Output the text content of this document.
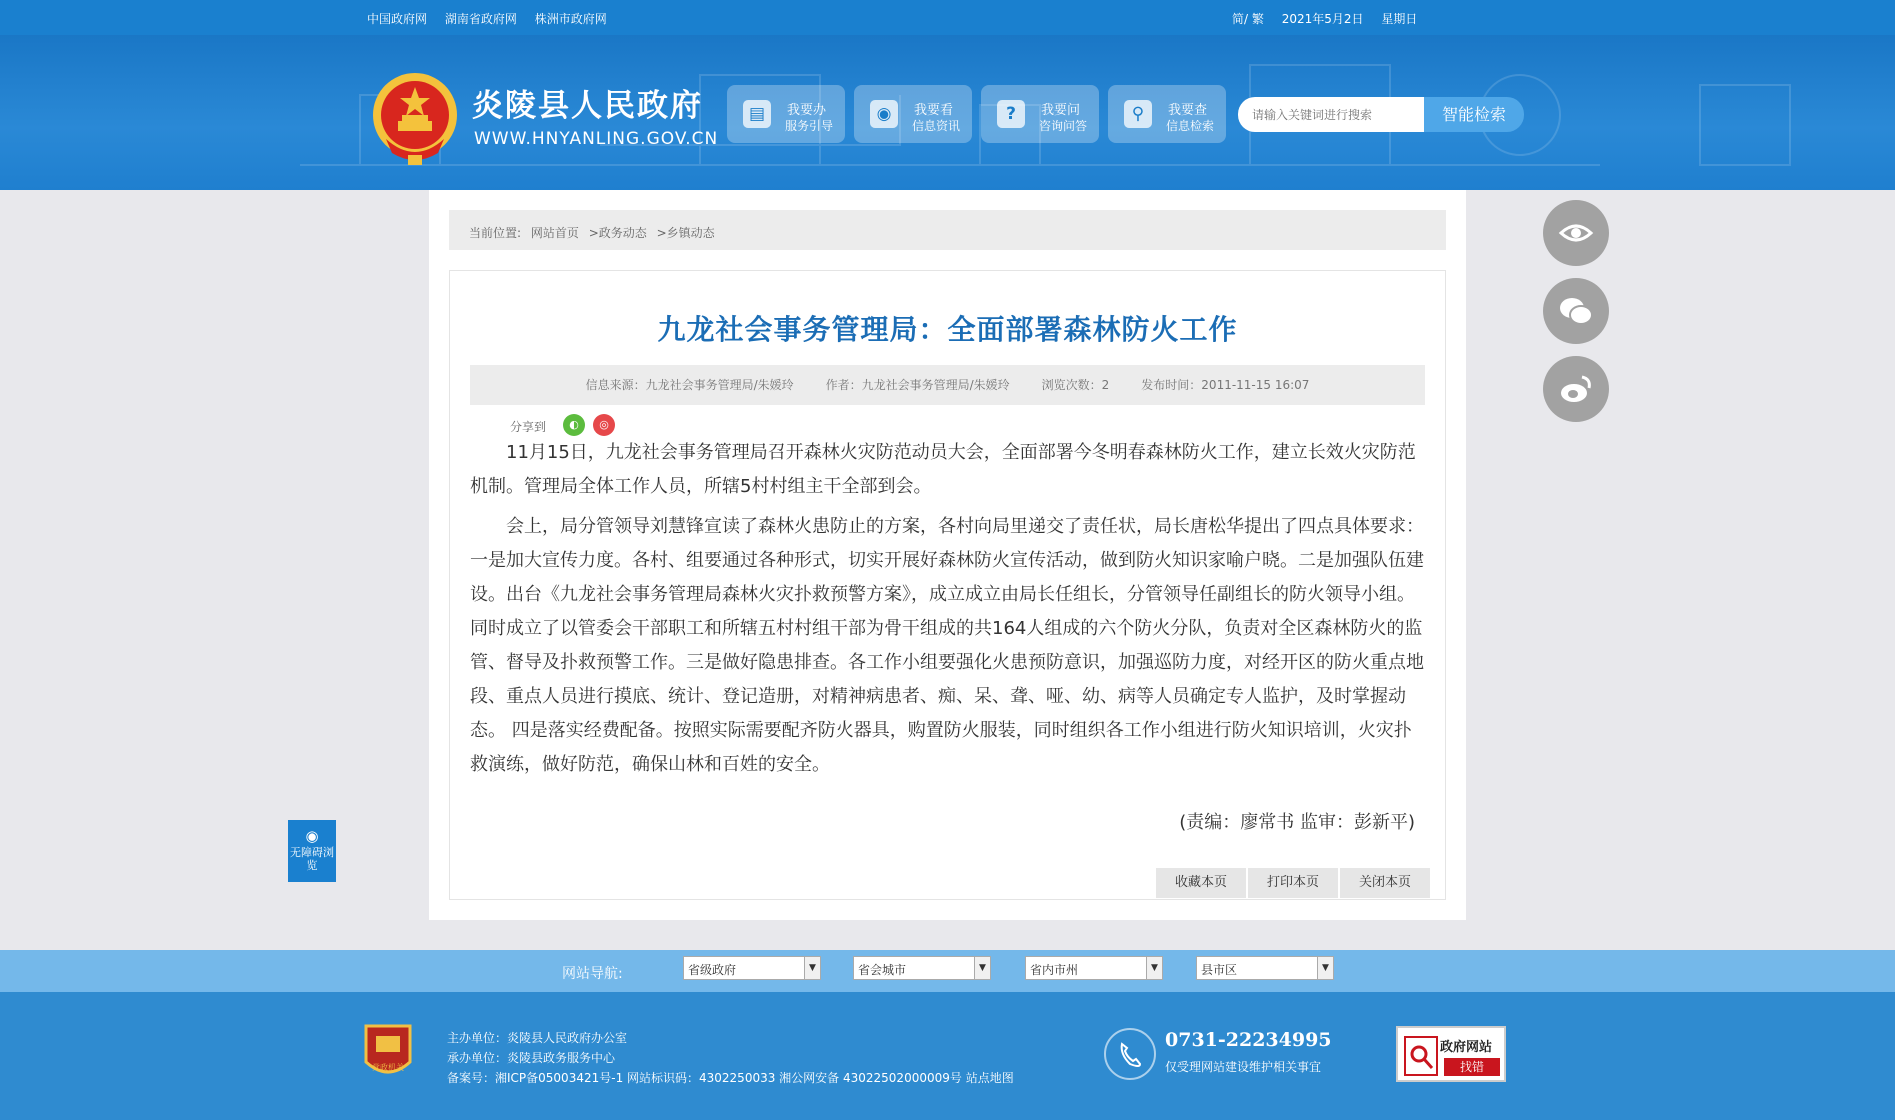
中国政府网 湖南省政府网 株洲市政府网	简/ 繁 2021年5月2日 星期日
炎陵县人民政府
WWW.HNYANLING.GOV.CN
▤	我要办
服务引导
◉	我要看
信息资讯
?	我要问
咨询问答
⚲	我要查
信息检索
请输入关键词进行搜索
智能检索
当前位置: 网站首页 >政务动态 >乡镇动态
九龙社会事务管理局：全面部署森林防火工作
信息来源：九龙社会事务管理局/朱媛玲	作者：九龙社会事务管理局/朱媛玲	浏览次数：2	发布时间：2011-11-15 16:07
分享到	◐	◎

11月15日，九龙社会事务管理局召开森林火灾防范动员大会，全面部署今冬明春森林防火工作，建立长效火灾防范机制。管理局全体工作人员，所辖5村村组主干全部到会。

会上，局分管领导刘慧锋宣读了森林火患防止的方案，各村向局里递交了责任状，局长唐松华提出了四点具体要求：一是加大宣传力度。各村、组要通过各种形式，切实开展好森林防火宣传活动，做到防火知识家喻户晓。二是加强队伍建设。出台《九龙社会事务管理局森林火灾扑救预警方案》，成立成立由局长任组长，分管领导任副组长的防火领导小组。同时成立了以管委会干部职工和所辖五村村组干部为骨干组成的共164人组成的六个防火分队，负责对全区森林防火的监管、督导及扑救预警工作。三是做好隐患排查。各工作小组要强化火患预防意识，加强巡防力度，对经开区的防火重点地段、重点人员进行摸底、统计、登记造册，对精神病患者、痴、呆、聋、哑、幼、病等人员确定专人监护，及时掌握动态。 四是落实经费配备。按照实际需要配齐防火器具，购置防火服装，同时组织各工作小组进行防火知识培训，火灾扑救演练，做好防范，确保山林和百姓的安全。

(责编：廖常书 监审：彭新平)
收藏本页	打印本页	关闭本页
◉
无障碍浏览
网站导航:	省级政府	▼	省会城市	▼	省内市州	▼	县市区	▼
党政机关
主办单位：炎陵县人民政府办公室
承办单位：炎陵县政务服务中心
备案号：湘ICP备05003421号-1 网站标识码：4302250033 湘公网安备 43022502000009号 站点地图
0731-22234995
仅受理网站建设维护相关事宜
政府网站
找错
